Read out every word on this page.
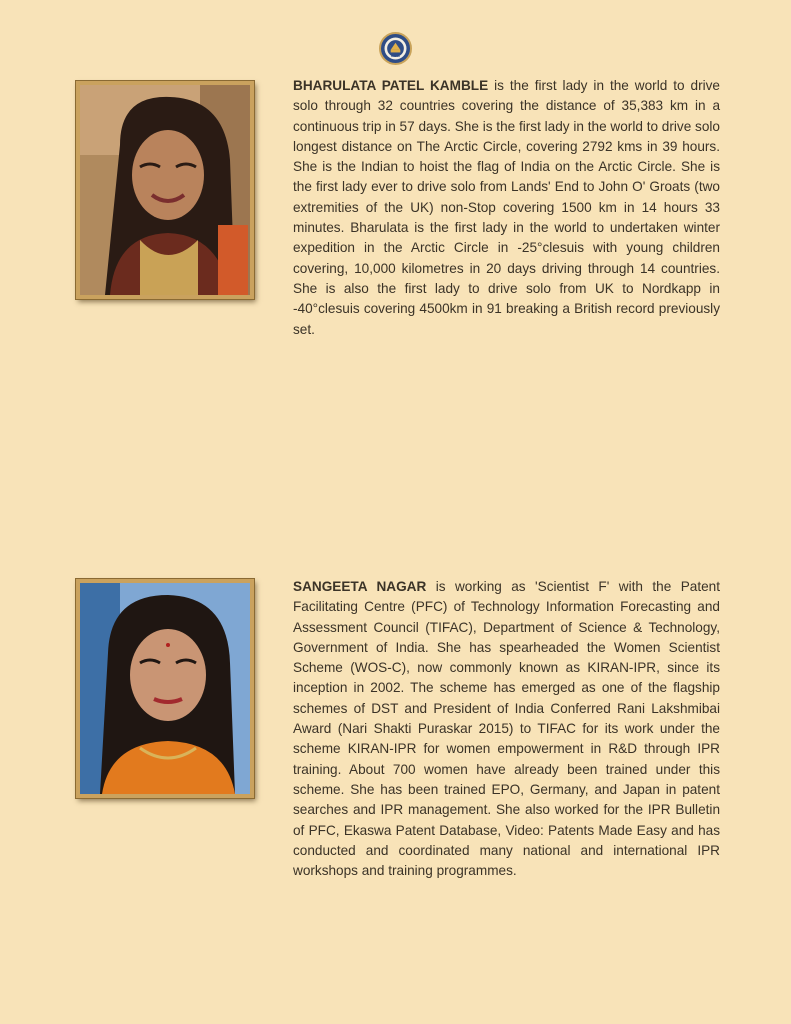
INDIA

BHARULATA PATEL KAMBLE is the first lady in the world to drive solo through 32 countries covering the distance of 35,383 km in a continuous trip in 57 days. She is the first lady in the world to drive solo longest distance on The Arctic Circle, covering 2792 kms in 39 hours. She is the Indian to hoist the flag of India on the Arctic Circle. She is the first lady ever to drive solo from Lands' End to John O' Groats (two extremities of the UK) non-Stop covering 1500 km in 14 hours 33 minutes. Bharulata is the first lady in the world to undertaken winter expedition in the Arctic Circle in -25°clesuis with young children covering, 10,000 kilometres in 20 days driving through 14 countries. She is also the first lady to drive solo from UK to Nordkapp in -40°clesuis covering 4500km in 91 breaking a British record previously set.

SANGEETA NAGAR is working as 'Scientist F' with the Patent Facilitating Centre (PFC) of Technology Information Forecasting and Assessment Council (TIFAC), Department of Science & Technology, Government of India. She has spearheaded the Women Scientist Scheme (WOS-C), now commonly known as KIRAN-IPR, since its inception in 2002. The scheme has emerged as one of the flagship schemes of DST and President of India Conferred Rani Lakshmibai Award (Nari Shakti Puraskar 2015) to TIFAC for its work under the scheme KIRAN-IPR for women empowerment in R&D through IPR training. About 700 women have already been trained under this scheme. She has been trained EPO, Germany, and Japan in patent searches and IPR management. She also worked for the IPR Bulletin of PFC, Ekaswa Patent Database, Video: Patents Made Easy and has conducted and coordinated many national and international IPR workshops and training programmes.
